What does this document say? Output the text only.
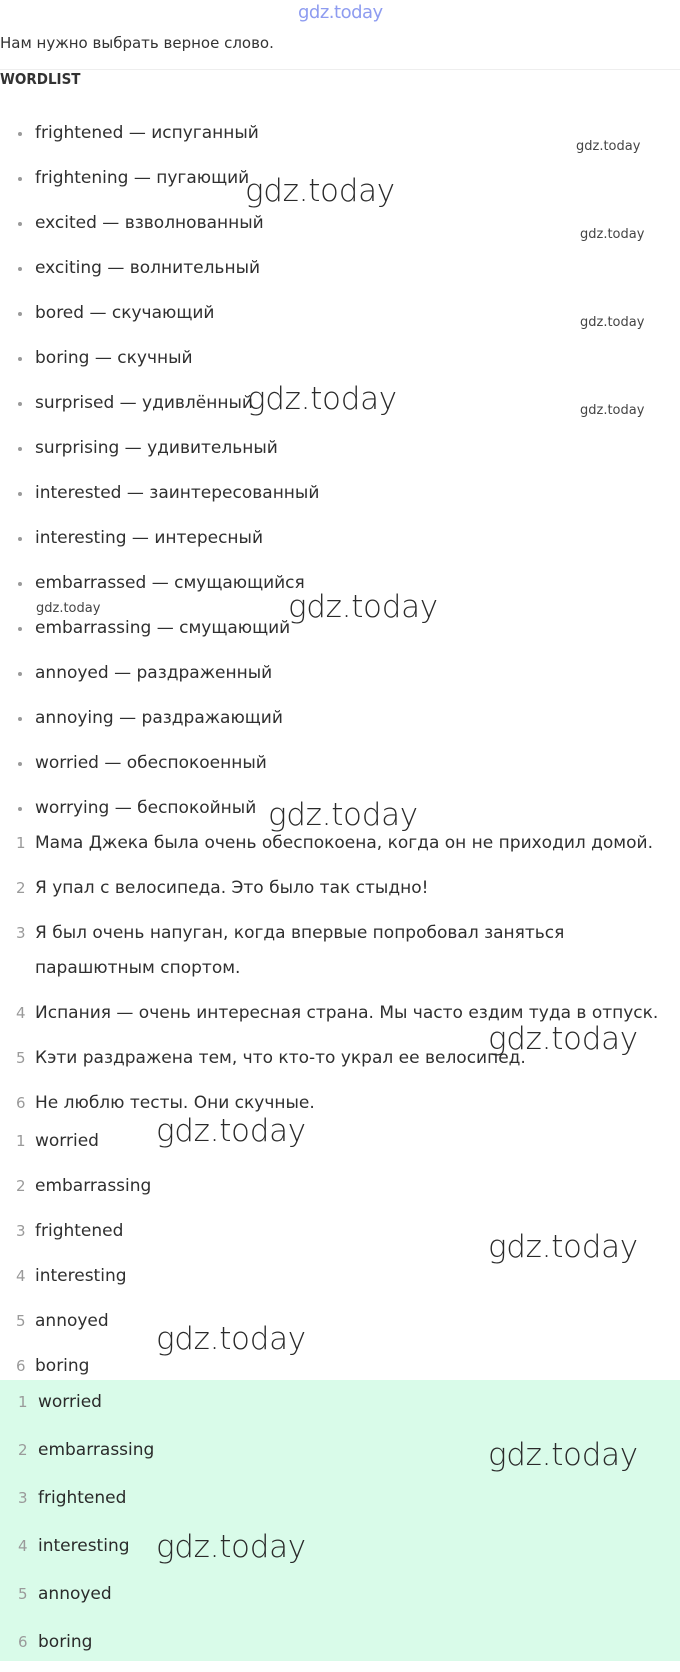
gdz.today
Нам нужно выбрать верное слово.
WORDLIST
frightened — испуганный
frightening — пугающий
excited — взволнованный
exciting — волнительный
bored — скучающий
boring — скучный
surprised — удивлённый
surprising — удивительный
interested — заинтересованный
interesting — интересный
embarrassed — смущающийся
embarrassing — смущающий
annoyed — раздраженный
annoying — раздражающий
worried — обеспокоенный
worrying — беспокойный
1 Мама Джека была очень обеспокоена, когда он не приходил домой.
2 Я упал с велосипеда. Это было так стыдно!
3 Я был очень напуган, когда впервые попробовал заняться парашютным спортом.
4 Испания — очень интересная страна. Мы часто ездим туда в отпуск.
5 Кэти раздражена тем, что кто-то украл ее велосипед.
6 Не люблю тесты. Они скучные.
1 worried
2 embarrassing
3 frightened
4 interesting
5 annoyed
6 boring
1 worried
2 embarrassing
3 frightened
4 interesting
5 annoyed
6 boring
gdz.today
gdz.today
gdz.today
gdz.today
gdz.today
gdz.today
gdz.today
gdz.today
gdz.today
gdz.today
gdz.today
gdz.today
gdz.today
gdz.today
gdz.today
